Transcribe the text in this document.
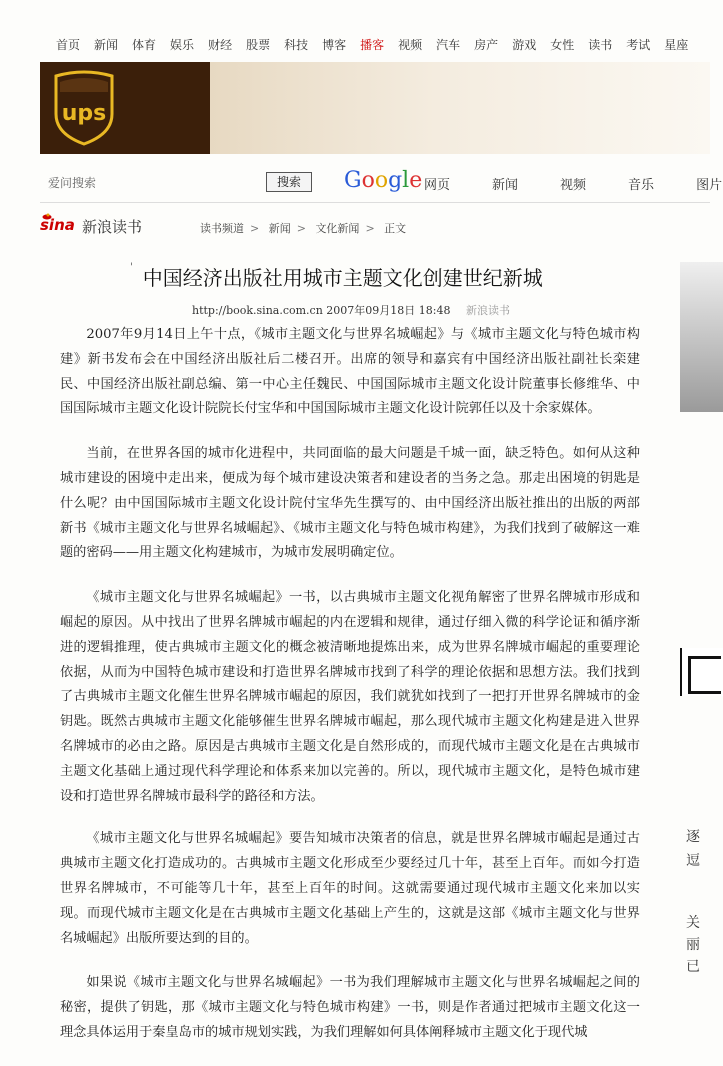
首页 新闻 体育 娱乐 财经 股票 科技 博客 播客 视频 汽车 房产 游戏 女性 读书 考试 星座
ups
爱问搜索	搜索	Google 网页	新闻	视频	音乐	图片
sina 新浪读书	读书频道 > 新闻 > 文化新闻 > 正文
' 中国经济出版社用城市主题文化创建世纪新城
http://book.sina.com.cn 2007年09月18日 18:48 新浪读书

2007年9月14日上午十点，《城市主题文化与世界名城崛起》与《城市主题文化与特色城市构建》新书发布会在中国经济出版社后二楼召开。出席的领导和嘉宾有中国经济出版社副社长栾建民、中国经济出版社副总编、第一中心主任魏民、中国国际城市主题文化设计院董事长修维华、中国国际城市主题文化设计院院长付宝华和中国国际城市主题文化设计院郭任以及十余家媒体。

当前，在世界各国的城市化进程中，共同面临的最大问题是千城一面，缺乏特色。如何从这种城市建设的困境中走出来，便成为每个城市建设决策者和建设者的当务之急。那走出困境的钥匙是什么呢？由中国国际城市主题文化设计院付宝华先生撰写的、由中国经济出版社推出的出版的两部新书《城市主题文化与世界名城崛起》、《城市主题文化与特色城市构建》，为我们找到了破解这一难题的密码——用主题文化构建城市，为城市发展明确定位。

《城市主题文化与世界名城崛起》一书，以古典城市主题文化视角解密了世界名牌城市形成和崛起的原因。从中找出了世界名牌城市崛起的内在逻辑和规律，通过仔细入微的科学论证和循序渐进的逻辑推理，使古典城市主题文化的概念被清晰地提炼出来，成为世界名牌城市崛起的重要理论依据，从而为中国特色城市建设和打造世界名牌城市找到了科学的理论依据和思想方法。我们找到了古典城市主题文化催生世界名牌城市崛起的原因，我们就犹如找到了一把打开世界名牌城市的金钥匙。既然古典城市主题文化能够催生世界名牌城市崛起，那么现代城市主题文化构建是进入世界名牌城市的必由之路。原因是古典城市主题文化是自然形成的，而现代城市主题文化是在古典城市主题文化基础上通过现代科学理论和体系来加以完善的。所以，现代城市主题文化，是特色城市建设和打造世界名牌城市最科学的路径和方法。

《城市主题文化与世界名城崛起》要告知城市决策者的信息，就是世界名牌城市崛起是通过古典城市主题文化打造成功的。古典城市主题文化形成至少要经过几十年，甚至上百年。而如今打造世界名牌城市，不可能等几十年，甚至上百年的时间。这就需要通过现代城市主题文化来加以实现。而现代城市主题文化是在古典城市主题文化基础上产生的，这就是这部《城市主题文化与世界名城崛起》出版所要达到的目的。

如果说《城市主题文化与世界名城崛起》一书为我们理解城市主题文化与世界名城崛起之间的秘密，提供了钥匙，那《城市主题文化与特色城市构建》一书，则是作者通过把城市主题文化这一理念具体运用于秦皇岛市的城市规划实践，为我们理解如何具体阐释城市主题文化于现代城

逐
逗
关
丽
已
